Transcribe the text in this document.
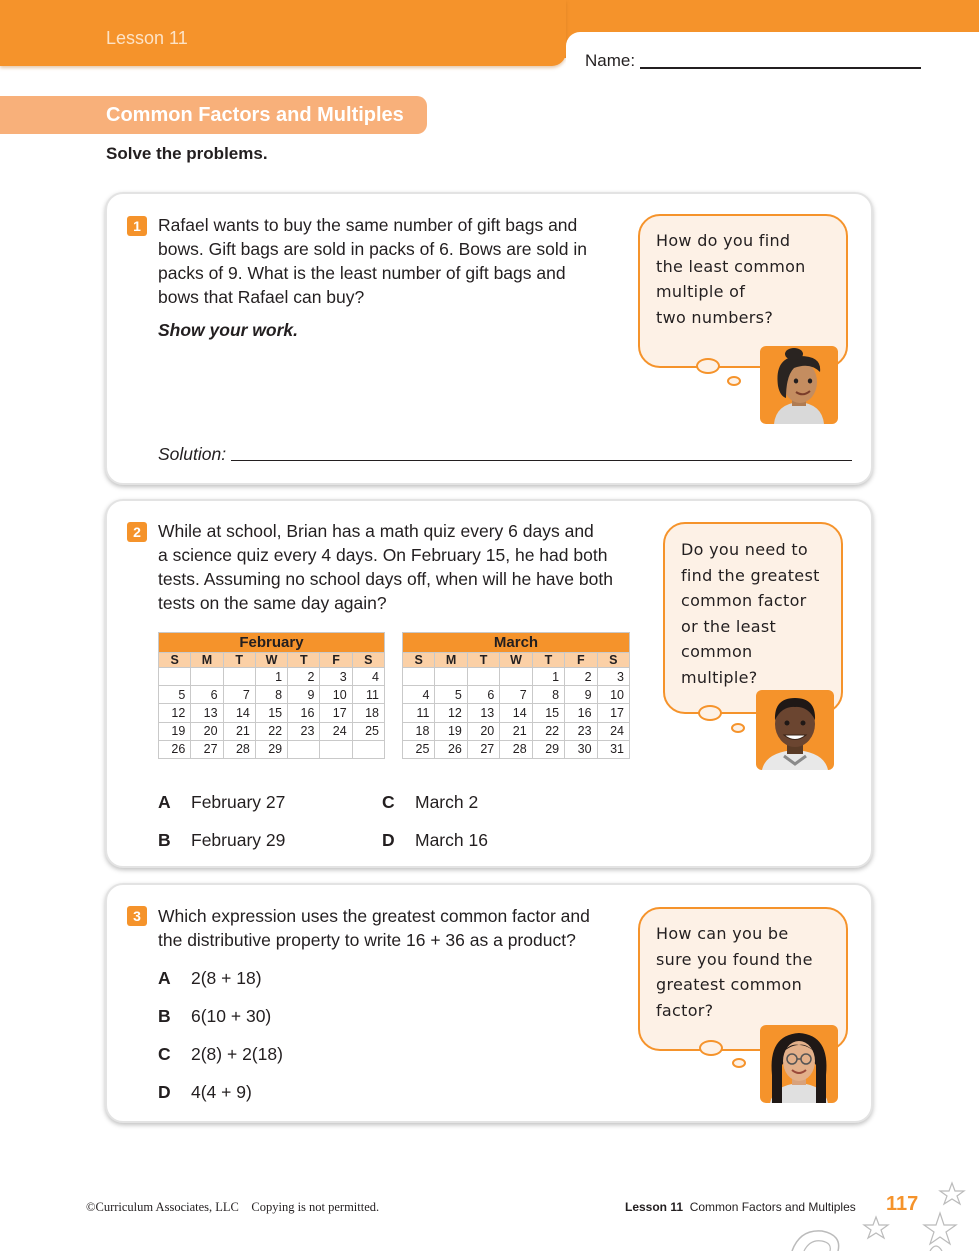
Lesson 11
Name:
Common Factors and Multiples
Solve the problems.
1 Rafael wants to buy the same number of gift bags and
bows. Gift bags are sold in packs of 6. Bows are sold in
packs of 9. What is the least number of gift bags and
bows that Rafael can buy?
Show your work.
Solution:
How do you find
the least common
multiple of
two numbers?
2 While at school, Brian has a math quiz every 6 days and
a science quiz every 4 days. On February 15, he had both
tests. Assuming no school days off, when will he have both
tests on the same day again?
Do you need to
find the greatest
common factor
or the least
common
multiple?
February						
S	M	T	W	T	F	S
			1	2	3	4
5	6	7	8	9	10	11
12	13	14	15	16	17	18
19	20	21	22	23	24	25
26	27	28	29			
March						
S	M	T	W	T	F	S
				1	2	3
4	5	6	7	8	9	10
11	12	13	14	15	16	17
18	19	20	21	22	23	24
25	26	27	28	29	30	31
A February 27
B February 29
C March 2
D March 16
3 Which expression uses the greatest common factor and
the distributive property to write 16 + 36 as a product?
A 2(8 + 18)
B 6(10 + 30)
C 2(8) + 2(18)
D 4(4 + 9)
How can you be
sure you found the
greatest common
factor?
©Curriculum Associates, LLC    Copying is not permitted.	Lesson 11 Common Factors and Multiples 117
